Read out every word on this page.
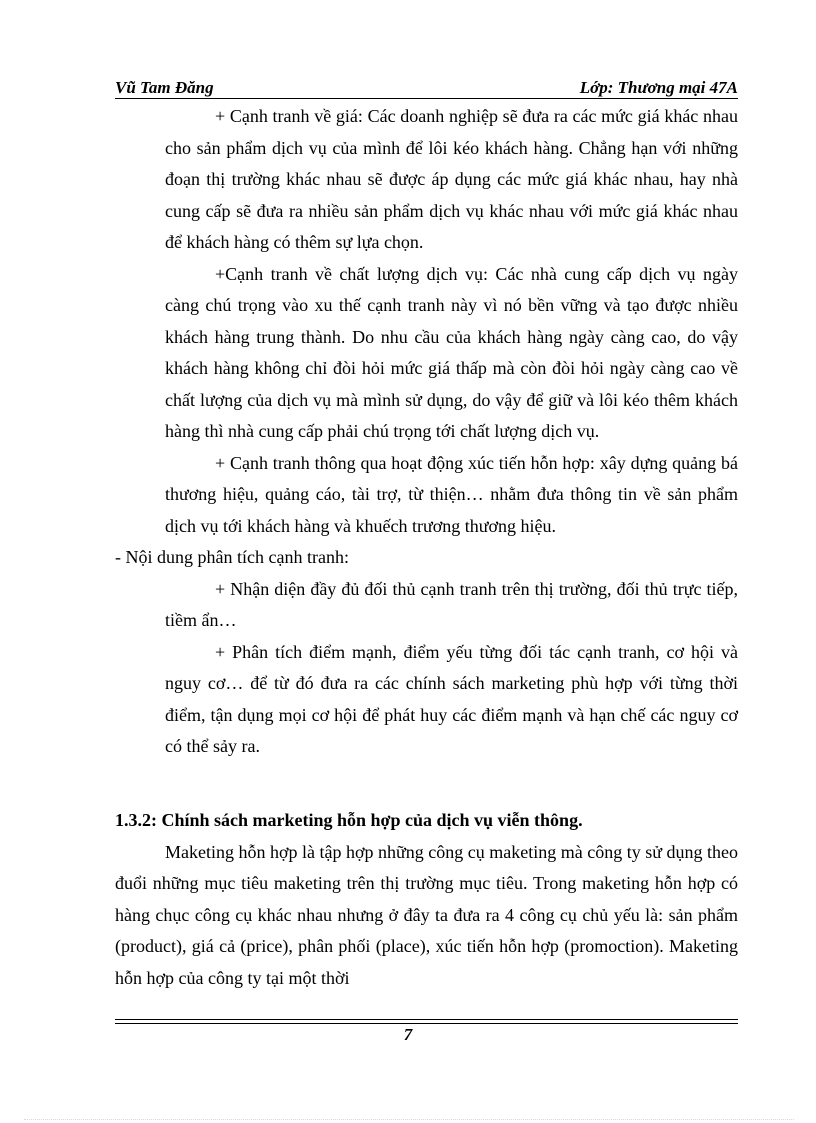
Vũ Tam Đăng	Lớp: Thương mại 47A

+ Cạnh tranh về giá: Các doanh nghiệp sẽ đưa ra các mức giá khác nhau cho sản phẩm dịch vụ của mình để lôi kéo khách hàng. Chẳng hạn với những đoạn thị trường khác nhau sẽ được áp dụng các mức giá khác nhau, hay nhà cung cấp sẽ đưa ra nhiều sản phẩm dịch vụ khác nhau với mức giá khác nhau để khách hàng có thêm sự lựa chọn.

+Cạnh tranh về chất lượng dịch vụ: Các nhà cung cấp dịch vụ ngày càng chú trọng vào xu thế cạnh tranh này vì nó bền vững và tạo được nhiều khách hàng trung thành. Do nhu cầu của khách hàng ngày càng cao, do vậy khách hàng không chỉ đòi hỏi mức giá thấp mà còn đòi hỏi ngày càng cao về chất lượng của dịch vụ mà mình sử dụng, do vậy để giữ và lôi kéo thêm khách hàng thì nhà cung cấp phải chú trọng tới chất lượng dịch vụ.

+ Cạnh tranh thông qua hoạt động xúc tiến hỗn hợp: xây dựng quảng bá thương hiệu, quảng cáo, tài trợ, từ thiện… nhằm đưa thông tin về sản phẩm dịch vụ tới khách hàng và khuếch trương thương hiệu.

- Nội dung phân tích cạnh tranh:

+ Nhận diện đầy đủ đối thủ cạnh tranh trên thị trường, đối thủ trực tiếp, tiềm ẩn…

+ Phân tích điểm mạnh, điểm yếu từng đối tác cạnh tranh, cơ hội và nguy cơ… để từ đó đưa ra các chính sách marketing phù hợp với từng thời điểm, tận dụng mọi cơ hội để phát huy các điểm mạnh và hạn chế các nguy cơ có thể sảy ra.

1.3.2: Chính sách marketing hỗn hợp của dịch vụ viễn thông.

Maketing hỗn hợp là tập hợp những công cụ maketing mà công ty sử dụng theo đuổi những mục tiêu maketing trên thị trường mục tiêu. Trong maketing hỗn hợp có hàng chục công cụ khác nhau nhưng ở đây ta đưa ra 4 công cụ chủ yếu là: sản phẩm (product), giá cả (price), phân phối (place), xúc tiến hỗn hợp (promoction). Maketing hỗn hợp của công ty tại một thời

7
